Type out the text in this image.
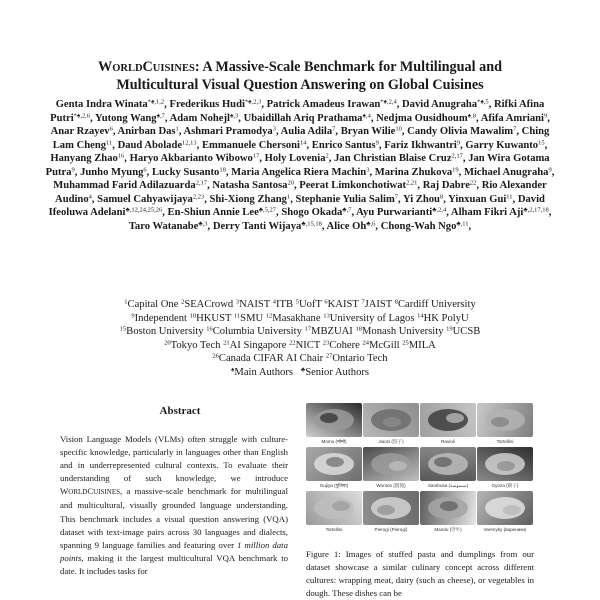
WORLDCUISINES: A Massive-Scale Benchmark for Multilingual and
Multicultural Visual Question Answering on Global Cuisines
Genta Indra Winata$^{*♠,1,2}$, Frederikus Hudi$^{*♠,2,3}$, Patrick Amadeus Irawan$^{*♠,2,4}$, David Anugraha$^{*♠,5}$, Rifki Afina Putri$^{*♠,2,6}$, Yutong Wang$^{♠,7}$, Adam Nohejl$^{♠,3}$, Ubaidillah Ariq Prathama$^{♠,4}$, Nedjma Ousidhoum$^{♠,8}$, Afifa Amriani$^9$, Anar Rzayev$^6$, Anirban Das$^1$, Ashmari Pramodya$^3$, Aulia Adila$^7$, Bryan Wilie$^{10}$, Candy Olivia Mawalim$^7$, Ching Lam Cheng$^{11}$, Daud Abolade$^{12,13}$, Emmanuele Chersoni$^{14}$, Enrico Santus$^9$, Fariz Ikhwantri$^9$, Garry Kuwanto$^{15}$, Hanyang Zhao$^{16}$, Haryo Akbarianto Wibowo$^{17}$, Holy Lovenia$^2$, Jan Christian Blaise Cruz$^{2,17}$, Jan Wira Gotama Putra$^9$, Junho Myung$^6$, Lucky Susanto$^{18}$, Maria Angelica Riera Machin$^3$, Marina Zhukova$^{19}$, Michael Anugraha$^9$, Muhammad Farid Adilazuarda$^{2,17}$, Natasha Santosa$^{20}$, Peerat Limkonchotiwat$^{2,21}$, Raj Dabre$^{22}$, Rio Alexander Audino$^4$, Samuel Cahyawijaya$^{2,23}$, Shi-Xiong Zhang$^1$, Stephanie Yulia Salim$^7$, Yi Zhou$^8$, Yinxuan Gui$^{11}$, David Ifeoluwa Adelani$^{♣,12,24,25,26}$, En-Shiun Annie Lee$^{♣,5,27}$, Shogo Okada$^{♣,7}$, Ayu Purwarianti$^{♣,2,4}$, Alham Fikri Aji$^{♣,2,17,18}$, Taro Watanabe$^{♣,3}$, Derry Tanti Wijaya$^{♣,15,18}$, Alice $Oh^{♣,6}$, Chong-Wah Ngo$^{♣,11}$,
$^1$Capital One $^2$SEACrowd $^3$NAIST $^4$ITB $^5$UofT $^6$KAIST $^7$JAIST $^8$Cardiff University
$^9$Independent $^{10}$HKUST $^{11}$SMU $^{12}$Masakhane $^{13}$University of Lagos $^{14}$HK PolyU
$^{15}$Boston University $^{16}$Columbia University $^{17}$MBZUAI $^{18}$Monash University $^{19}$UCSB
$^{20}$Tokyo Tech $^{21}$AI Singapore $^{22}$NICT $^{23}$Cohere $^{24}$McGill $^{25}$MILA
$^{26}$Canada CIFAR AI Chair $^{27}$Ontario Tech
♠Main Authors ♣Senior Authors
Abstract
Vision Language Models (VLMs) often struggle with culture-specific knowledge, particularly in languages other than English and in underrepresented cultural contexts. To evaluate their understanding of such knowledge, we introduce WORLDCUISINES, a massive-scale benchmark for multilingual and multicultural, visually grounded language understanding. This benchmark includes a visual question answering (VQA) dataset with text-image pairs across 30 languages and dialects, spanning 9 language families and featuring over 1 million data points, making it the largest multicultural VQA benchmark to date. It includes tasks for
Momo (मोमो)	Jiaozi (饺子)	Ravioli	Tortellini
Gujiya (गुजिया)	Wonton (馄饨)	Sambusa (سمبوسة)	Gyoza (餃子)
Tortellini	Pierogi (Pierogi)	Mandu (만두)	Varenyky (вареники)
Figure 1: Images of stuffed pasta and dumplings from our dataset showcase a similar culinary concept across different cultures: wrapping meat, dairy (such as cheese), or vegetables in dough. These dishes can be
